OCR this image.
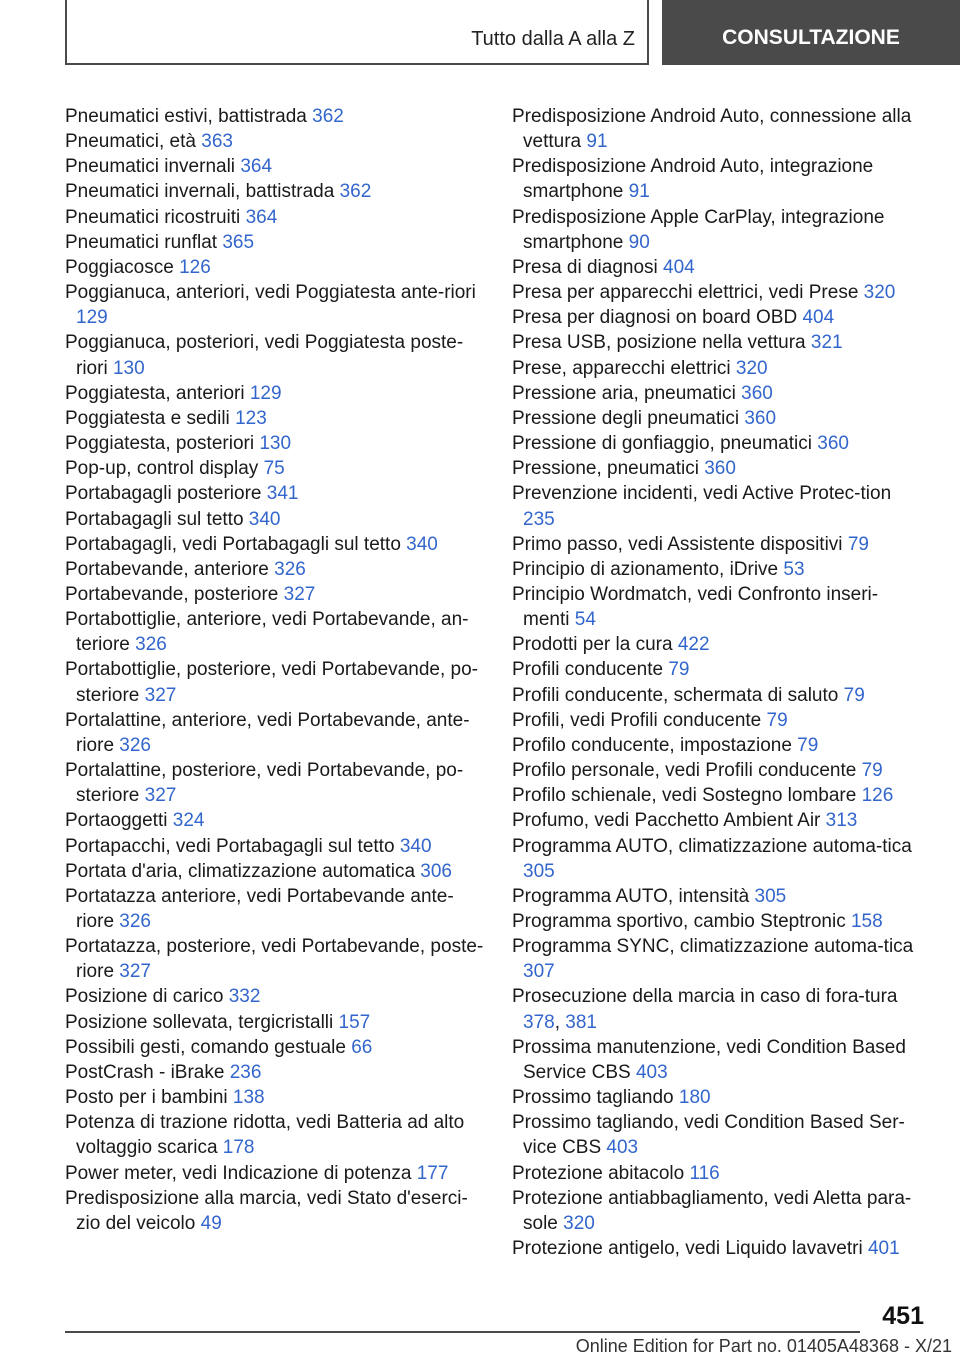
Tutto dalla A alla Z	CONSULTAZIONE

Pneumatici estivi, battistrada 362

Pneumatici, età 363

Pneumatici invernali 364

Pneumatici invernali, battistrada 362

Pneumatici ricostruiti 364

Pneumatici runflat 365

Poggiacosce 126

Poggianuca, anteriori, vedi Poggiatesta ante‐riori 129

Poggianuca, posteriori, vedi Poggiatesta poste‐riori 130

Poggiatesta, anteriori 129

Poggiatesta e sedili 123

Poggiatesta, posteriori 130

Pop-up, control display 75

Portabagagli posteriore 341

Portabagagli sul tetto 340

Portabagagli, vedi Portabagagli sul tetto 340

Portabevande, anteriore 326

Portabevande, posteriore 327

Portabottiglie, anteriore, vedi Portabevande, an‐teriore 326

Portabottiglie, posteriore, vedi Portabevande, po‐steriore 327

Portalattine, anteriore, vedi Portabevande, ante‐riore 326

Portalattine, posteriore, vedi Portabevande, po‐steriore 327

Portaoggetti 324

Portapacchi, vedi Portabagagli sul tetto 340

Portata d'aria, climatizzazione automatica 306

Portatazza anteriore, vedi Portabevande ante‐riore 326

Portatazza, posteriore, vedi Portabevande, poste‐riore 327

Posizione di carico 332

Posizione sollevata, tergicristalli 157

Possibili gesti, comando gestuale 66

PostCrash - iBrake 236

Posto per i bambini 138

Potenza di trazione ridotta, vedi Batteria ad alto voltaggio scarica 178

Power meter, vedi Indicazione di potenza 177

Predisposizione alla marcia, vedi Stato d'eserci‐zio del veicolo 49

Predisposizione Android Auto, connessione alla vettura 91

Predisposizione Android Auto, integrazione smartphone 91

Predisposizione Apple CarPlay, integrazione smartphone 90

Presa di diagnosi 404

Presa per apparecchi elettrici, vedi Prese 320

Presa per diagnosi on board OBD 404

Presa USB, posizione nella vettura 321

Prese, apparecchi elettrici 320

Pressione aria, pneumatici 360

Pressione degli pneumatici 360

Pressione di gonfiaggio, pneumatici 360

Pressione, pneumatici 360

Prevenzione incidenti, vedi Active Protec‐tion 235

Primo passo, vedi Assistente dispositivi 79

Principio di azionamento, iDrive 53

Principio Wordmatch, vedi Confronto inseri‐menti 54

Prodotti per la cura 422

Profili conducente 79

Profili conducente, schermata di saluto 79

Profili, vedi Profili conducente 79

Profilo conducente, impostazione 79

Profilo personale, vedi Profili conducente 79

Profilo schienale, vedi Sostegno lombare 126

Profumo, vedi Pacchetto Ambient Air 313

Programma AUTO, climatizzazione automa‐tica 305

Programma AUTO, intensità 305

Programma sportivo, cambio Steptronic 158

Programma SYNC, climatizzazione automa‐tica 307

Prosecuzione della marcia in caso di fora‐tura 378, 381

Prossima manutenzione, vedi Condition Based Service CBS 403

Prossimo tagliando 180

Prossimo tagliando, vedi Condition Based Ser‐vice CBS 403

Protezione abitacolo 116

Protezione antiabbagliamento, vedi Aletta para‐sole 320

Protezione antigelo, vedi Liquido lavavetri 401

451
Online Edition for Part no. 01405A48368 - X/21
